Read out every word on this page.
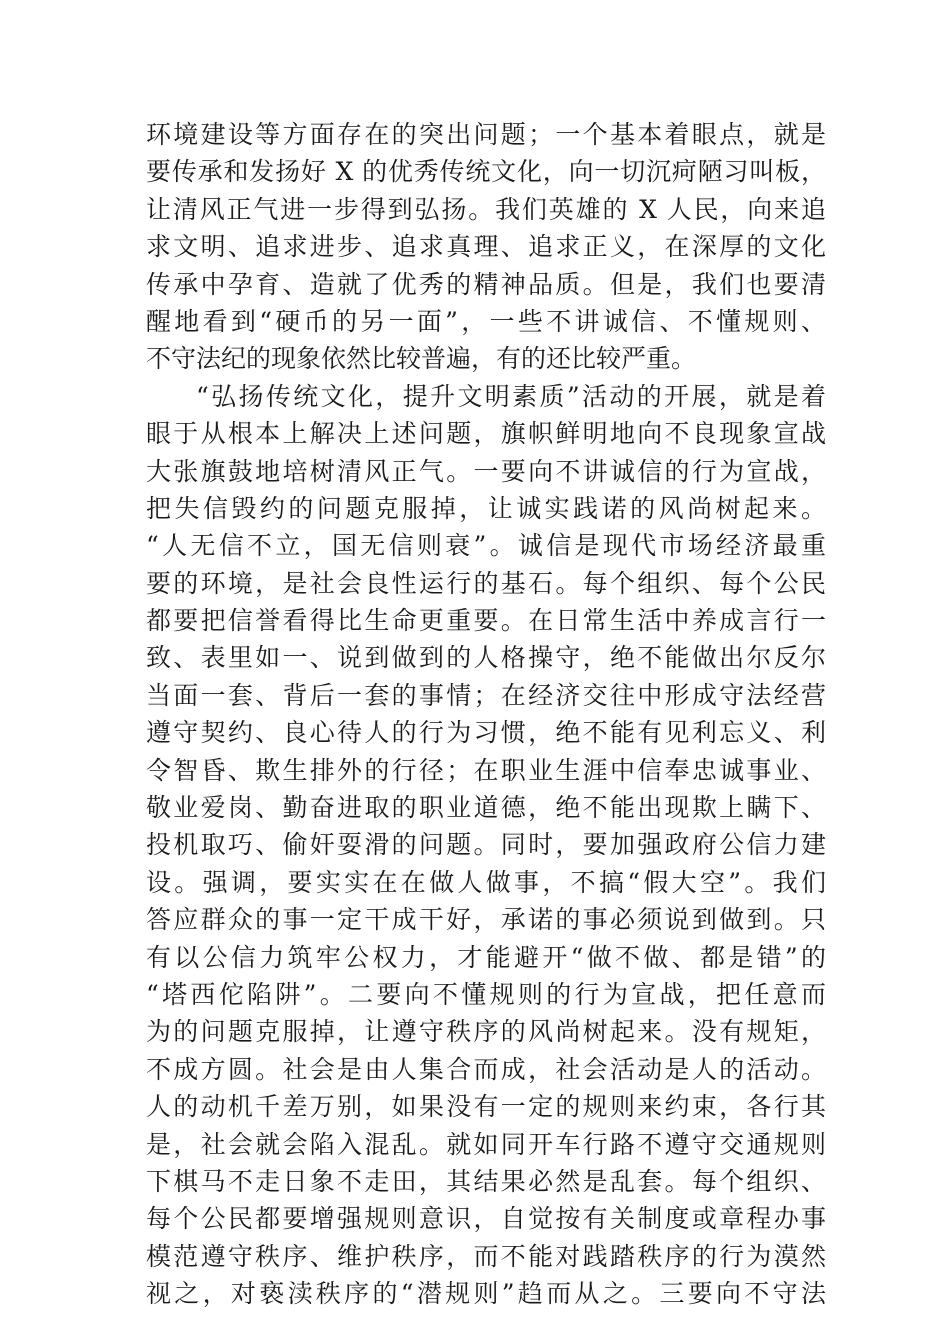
环境建设等方面存在的突出问题；一个基本着眼点，就是
要传承和发扬好 X 的优秀传统文化，向一切沉疴陋习叫板，
让清风正气进一步得到弘扬。我们英雄的 X 人民，向来追
求文明、追求进步、追求真理、追求正义，在深厚的文化
传承中孕育、造就了优秀的精神品质。但是，我们也要清
醒地看到“硬币的另一面”，一些不讲诚信、不懂规则、
不守法纪的现象依然比较普遍，有的还比较严重。
“弘扬传统文化，提升文明素质”活动的开展，就是着
眼于从根本上解决上述问题，旗帜鲜明地向不良现象宣战
大张旗鼓地培树清风正气。一要向不讲诚信的行为宣战，
把失信毁约的问题克服掉，让诚实践诺的风尚树起来。
“人无信不立，国无信则衰”。诚信是现代市场经济最重
要的环境，是社会良性运行的基石。每个组织、每个公民
都要把信誉看得比生命更重要。在日常生活中养成言行一
致、表里如一、说到做到的人格操守，绝不能做出尔反尔
当面一套、背后一套的事情；在经济交往中形成守法经营
遵守契约、良心待人的行为习惯，绝不能有见利忘义、利
令智昏、欺生排外的行径；在职业生涯中信奉忠诚事业、
敬业爱岗、勤奋进取的职业道德，绝不能出现欺上瞒下、
投机取巧、偷奸耍滑的问题。同时，要加强政府公信力建
设。强调，要实实在在做人做事，不搞“假大空”。我们
答应群众的事一定干成干好，承诺的事必须说到做到。只
有以公信力筑牢公权力，才能避开“做不做、都是错”的
“塔西佗陷阱”。二要向不懂规则的行为宣战，把任意而
为的问题克服掉，让遵守秩序的风尚树起来。没有规矩，
不成方圆。社会是由人集合而成，社会活动是人的活动。
人的动机千差万别，如果没有一定的规则来约束，各行其
是，社会就会陷入混乱。就如同开车行路不遵守交通规则
下棋马不走日象不走田，其结果必然是乱套。每个组织、
每个公民都要增强规则意识，自觉按有关制度或章程办事
模范遵守秩序、维护秩序，而不能对践踏秩序的行为漠然
视之，对亵渎秩序的“潜规则”趋而从之。三要向不守法
